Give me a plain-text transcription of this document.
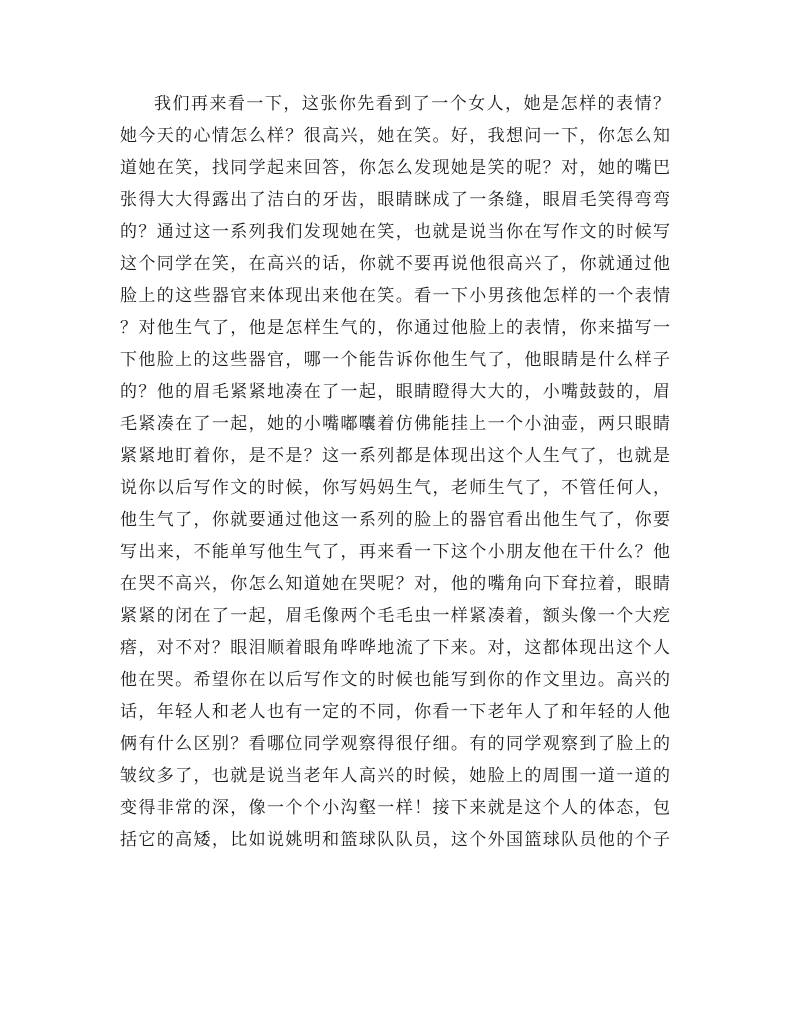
我们再来看一下，这张你先看到了一个女人，她是怎样的表情？
她今天的心情怎么样？很高兴，她在笑。好，我想问一下，你怎么知
道她在笑，找同学起来回答，你怎么发现她是笑的呢？对，她的嘴巴
张得大大得露出了洁白的牙齿，眼睛眯成了一条缝，眼眉毛笑得弯弯
的？通过这一系列我们发现她在笑，也就是说当你在写作文的时候写
这个同学在笑，在高兴的话，你就不要再说他很高兴了，你就通过他
脸上的这些器官来体现出来他在笑。看一下小男孩他怎样的一个表情
？对他生气了，他是怎样生气的，你通过他脸上的表情，你来描写一
下他脸上的这些器官，哪一个能告诉你他生气了，他眼睛是什么样子
的？他的眉毛紧紧地凑在了一起，眼睛瞪得大大的，小嘴鼓鼓的，眉
毛紧凑在了一起，她的小嘴嘟囔着仿佛能挂上一个小油壶，两只眼睛
紧紧地盯着你，是不是？这一系列都是体现出这个人生气了，也就是
说你以后写作文的时候，你写妈妈生气，老师生气了，不管任何人，
他生气了，你就要通过他这一系列的脸上的器官看出他生气了，你要
写出来，不能单写他生气了，再来看一下这个小朋友他在干什么？他
在哭不高兴，你怎么知道她在哭呢？对，他的嘴角向下耷拉着，眼睛
紧紧的闭在了一起，眉毛像两个毛毛虫一样紧凑着，额头像一个大疙
瘩，对不对？眼泪顺着眼角哗哗地流了下来。对，这都体现出这个人
他在哭。希望你在以后写作文的时候也能写到你的作文里边。高兴的
话，年轻人和老人也有一定的不同，你看一下老年人了和年轻的人他
俩有什么区别？看哪位同学观察得很仔细。有的同学观察到了脸上的
皱纹多了，也就是说当老年人高兴的时候，她脸上的周围一道一道的
变得非常的深，像一个个小沟壑一样！接下来就是这个人的体态，包
括它的高矮，比如说姚明和篮球队队员，这个外国篮球队员他的个子
